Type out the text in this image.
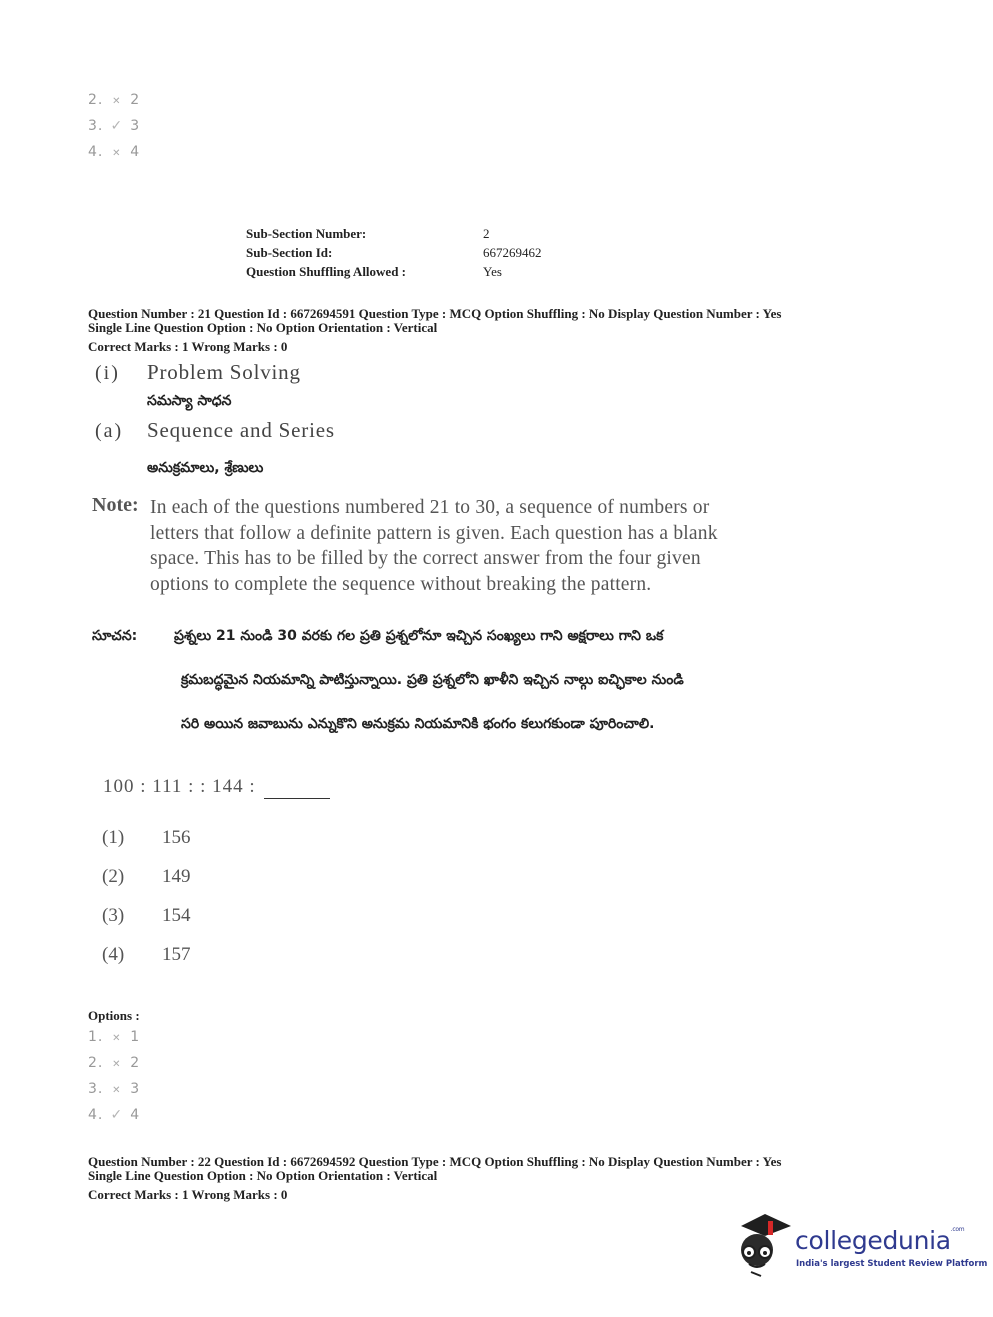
2. ✕ 2
3. ✓ 3
4. ✕ 4
Sub-Section Number:	2
Sub-Section Id:	667269462
Question Shuffling Allowed :	Yes
Question Number : 21 Question Id : 6672694591 Question Type : MCQ Option Shuffling : No Display Question Number : Yes
Single Line Question Option : No Option Orientation : Vertical
Correct Marks : 1 Wrong Marks : 0
(i) Problem Solving
సమస్యా సాధన
(a) Sequence and Series
అనుక్రమాలు, శ్రేణులు
Note: In each of the questions numbered 21 to 30, a sequence of numbers or
letters that follow a definite pattern is given. Each question has a blank
space. This has to be filled by the correct answer from the four given
options to complete the sequence without breaking the pattern.
సూచన:	ప్రశ్నలు 21 నుండి 30 వరకు గల ప్రతి ప్రశ్నలోనూ ఇచ్చిన సంఖ్యలు గాని అక్షరాలు గాని ఒక
క్రమబద్ధమైన నియమాన్ని పాటిస్తున్నాయి. ప్రతి ప్రశ్నలోని ఖాళీని ఇచ్చిన నాల్గు ఐచ్ఛికాల నుండి
సరి అయిన జవాబును ఎన్నుకొని అనుక్రమ నియమానికి భంగం కలుగకుండా పూరించాలి.
100 : 111 : : 144 :
(1) 156
(2) 149
(3) 154
(4) 157
Options :
1. ✕ 1
2. ✕ 2
3. ✕ 3
4. ✓ 4
Question Number : 22 Question Id : 6672694592 Question Type : MCQ Option Shuffling : No Display Question Number : Yes
Single Line Question Option : No Option Orientation : Vertical
Correct Marks : 1 Wrong Marks : 0
collegedunia$^{.com}$
India's largest Student Review Platform
